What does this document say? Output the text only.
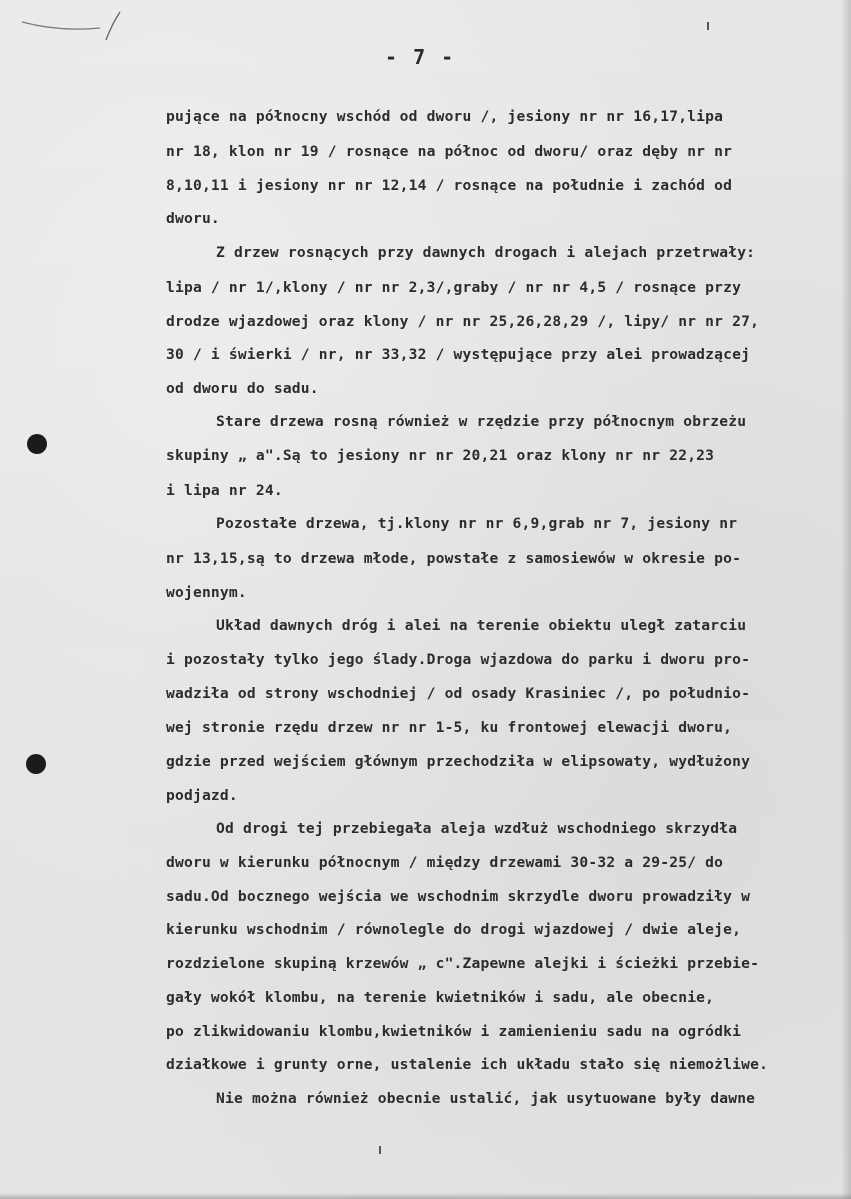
- 7 -
pujące na północny wschód od dworu /, jesiony nr nr 16,17,lipa
nr 18, klon nr 19 / rosnące na północ od dworu/ oraz dęby nr nr
8,10,11 i jesiony nr nr 12,14 / rosnące na południe i zachód od
dworu.
Z drzew rosnących przy dawnych drogach i alejach przetrwały:
lipa / nr 1/,klony / nr nr 2,3/,graby / nr nr 4,5 / rosnące przy
drodze wjazdowej oraz klony / nr nr 25,26,28,29 /, lipy/ nr nr 27,
30 / i świerki / nr, nr 33,32 / występujące przy alei prowadzącej
od dworu do sadu.
Stare drzewa rosną również w rzędzie przy północnym obrzeżu
skupiny „ a".Są to jesiony nr nr 20,21 oraz klony nr nr 22,23
i lipa nr 24.
Pozostałe drzewa, tj.klony nr nr 6,9,grab nr 7, jesiony nr
nr 13,15,są to drzewa młode, powstałe z samosiewów w okresie po-
wojennym.
Układ dawnych dróg i alei na terenie obiektu uległ zatarciu
i pozostały tylko jego ślady.Droga wjazdowa do parku i dworu pro-
wadziła od strony wschodniej / od osady Krasiniec /, po południo-
wej stronie rzędu drzew nr nr 1-5, ku frontowej elewacji dworu,
gdzie przed wejściem głównym przechodziła w elipsowaty, wydłużony
podjazd.
Od drogi tej przebiegała aleja wzdłuż wschodniego skrzydła
dworu w kierunku północnym / między drzewami 30-32 a 29-25/ do
sadu.Od bocznego wejścia we wschodnim skrzydle dworu prowadziły w
kierunku wschodnim / równolegle do drogi wjazdowej / dwie aleje,
rozdzielone skupiną krzewów „ c".Zapewne alejki i ścieżki przebie-
gały wokół klombu, na terenie kwietników i sadu, ale obecnie,
po zlikwidowaniu klombu,kwietników i zamienieniu sadu na ogródki
działkowe i grunty orne, ustalenie ich układu stało się niemożliwe.
Nie można również obecnie ustalić, jak usytuowane były dawne
